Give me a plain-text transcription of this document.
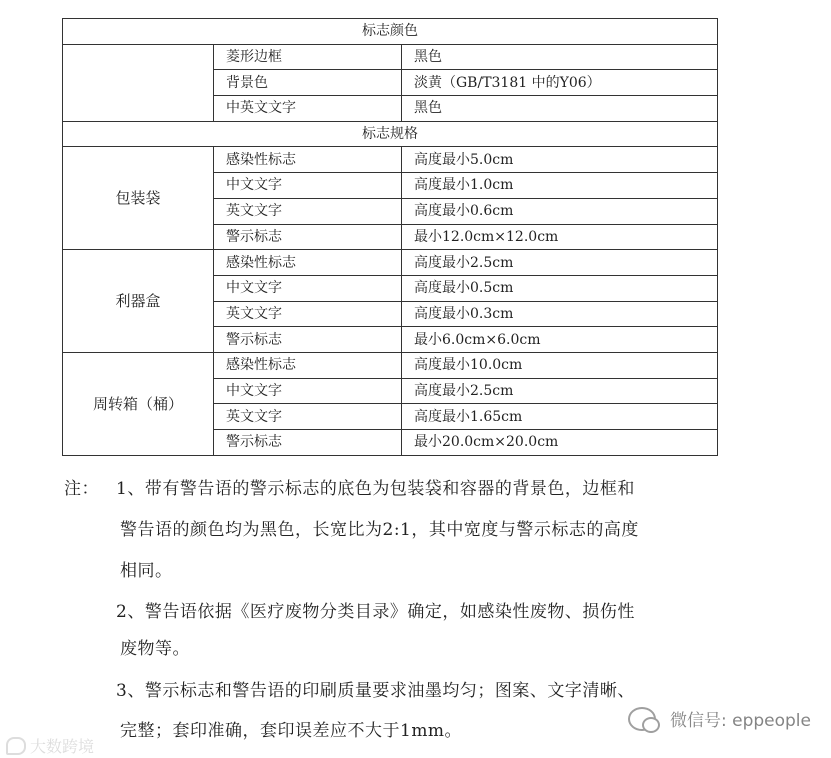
标志颜色		
	菱形边框	黑色
	背景色	淡黄（GB/T3181 中的Y06）
	中英文文字	黑色
标志规格		
包装袋	感染性标志	高度最小5.0cm
	中文文字	高度最小1.0cm
	英文文字	高度最小0.6cm
	警示标志	最小12.0cm×12.0cm
利器盒	感染性标志	高度最小2.5cm
	中文文字	高度最小0.5cm
	英文文字	高度最小0.3cm
	警示标志	最小6.0cm×6.0cm
周转箱（桶）	感染性标志	高度最小10.0cm
	中文文字	高度最小2.5cm
	英文文字	高度最小1.65cm
	警示标志	最小20.0cm×20.0cm
注： 1、带有警告语的警示标志的底色为包装袋和容器的背景色，边框和
警告语的颜色均为黑色，长宽比为2:1，其中宽度与警示标志的高度
相同。
2、警告语依据《医疗废物分类目录》确定，如感染性废物、损伤性
废物等。
3、警示标志和警告语的印刷质量要求油墨均匀；图案、文字清晰、
完整；套印准确，套印误差应不大于1mm。	微信号: eppeople
大数跨境
